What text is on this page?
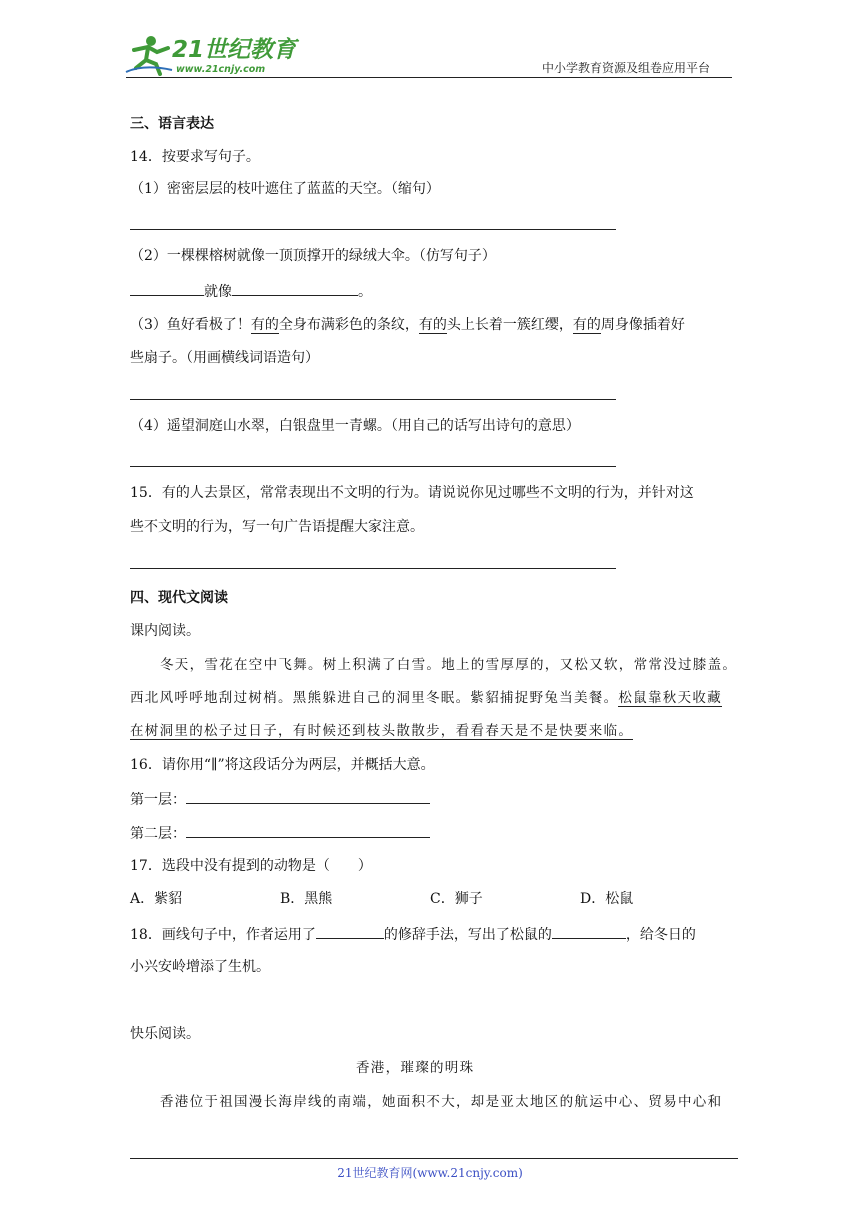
21世纪教育
www.21cnjy.com	中小学教育资源及组卷应用平台
三、语言表达
14．按要求写句子。
（1）密密层层的枝叶遮住了蓝蓝的天空。（缩句）
（2）一棵棵榕树就像一顶顶撑开的绿绒大伞。（仿写句子）
就像	。
（3）鱼好看极了！有的全身布满彩色的条纹，有的头上长着一簇红缨，有的周身像插着好
些扇子。（用画横线词语造句）
（4）遥望洞庭山水翠，白银盘里一青螺。（用自己的话写出诗句的意思）
15．有的人去景区，常常表现出不文明的行为。请说说你见过哪些不文明的行为，并针对这
些不文明的行为，写一句广告语提醒大家注意。
四、现代文阅读
课内阅读。
冬天，雪花在空中飞舞。树上积满了白雪。地上的雪厚厚的，又松又软，常常没过膝盖。
西北风呼呼地刮过树梢。黑熊躲进自己的洞里冬眠。紫貂捕捉野兔当美餐。松鼠靠秋天收藏
在树洞里的松子过日子，有时候还到枝头散散步，看看春天是不是快要来临。
16．请你用“∥”将这段话分为两层，并概括大意。
第一层：
第二层：
17．选段中没有提到的动物是（　　）
A．紫貂	B．黑熊	C．狮子	D．松鼠
18．画线句子中，作者运用了	的修辞手法，写出了松鼠的	，给冬日的
小兴安岭增添了生机。
快乐阅读。
香港，璀璨的明珠
香港位于祖国漫长海岸线的南端，她面积不大，却是亚太地区的航运中心、贸易中心和
21世纪教育网(www.21cnjy.com)
